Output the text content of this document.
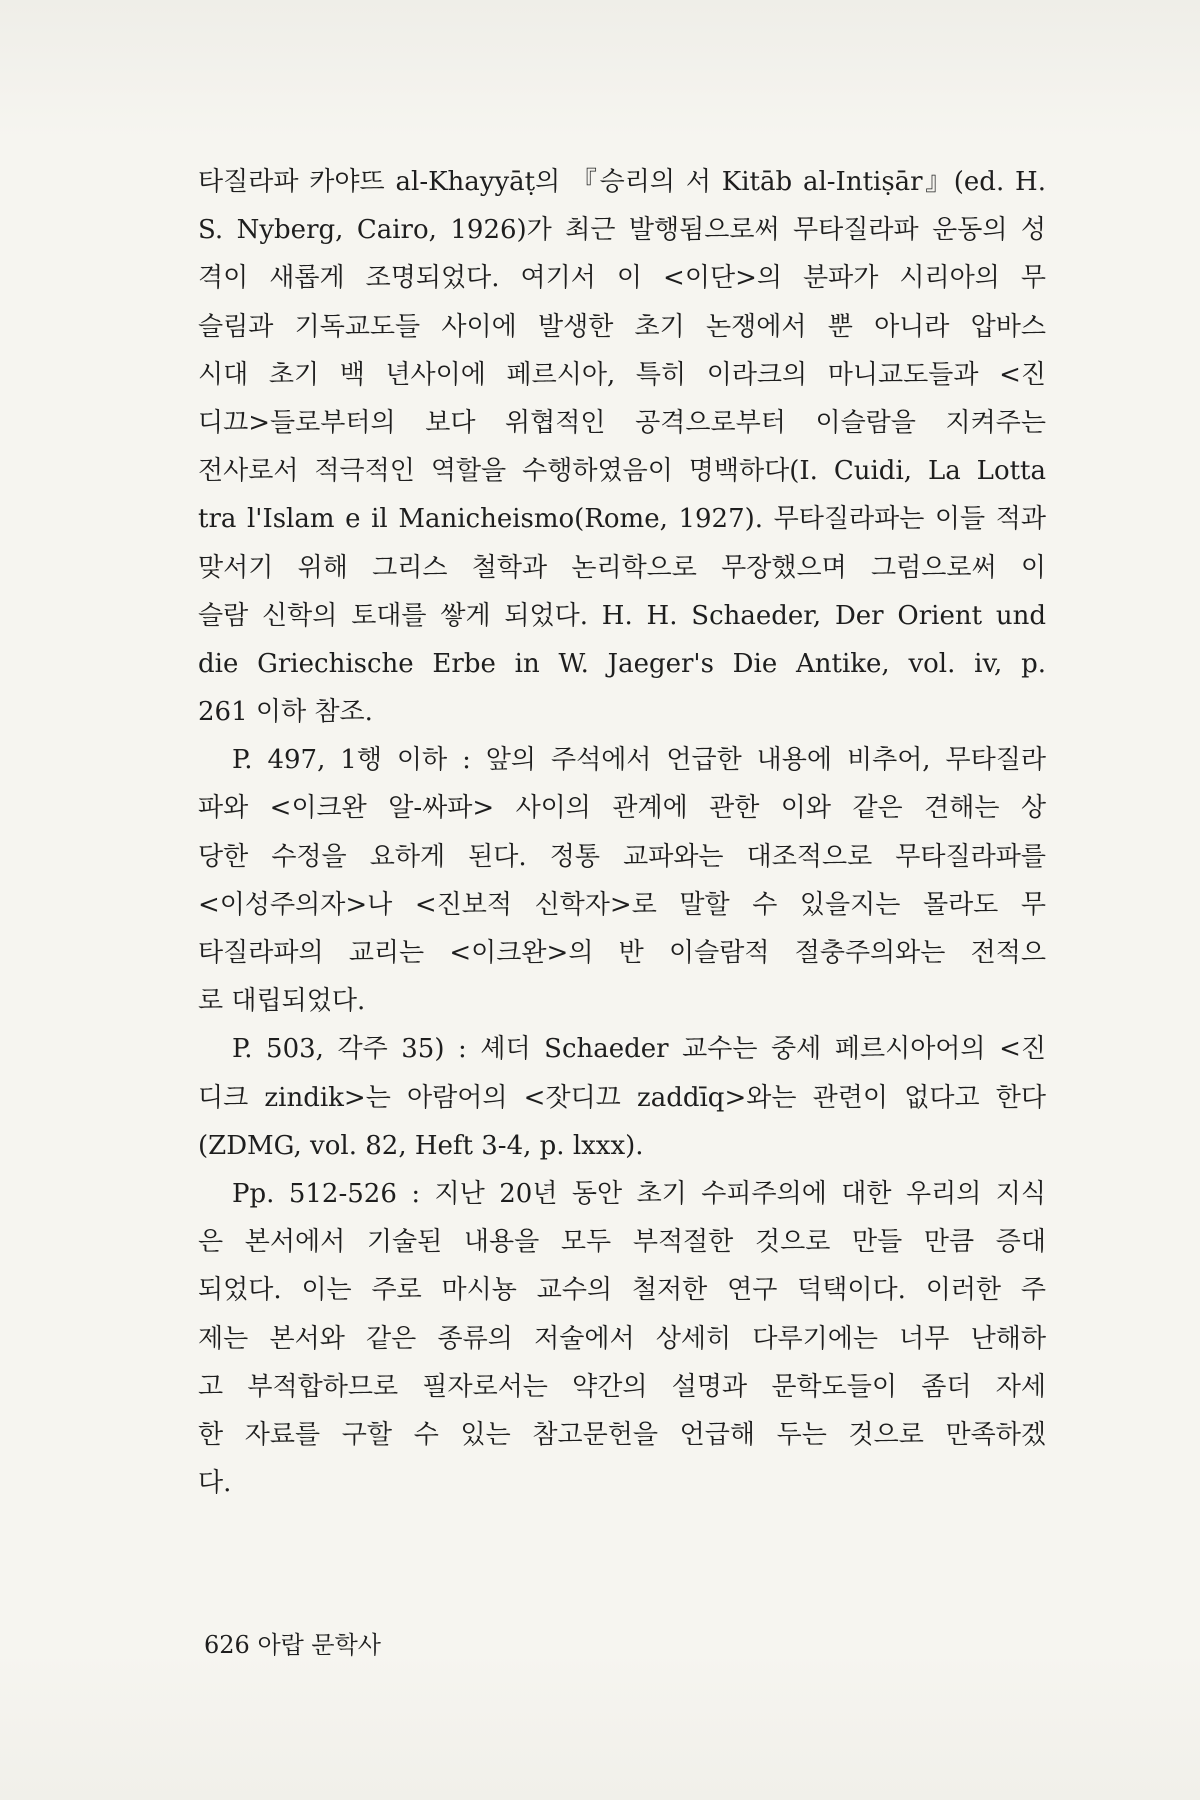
타질라파 카야뜨 al-Khayyāṭ의 『승리의 서 Kitāb al-Intiṣār』(ed. H.
S. Nyberg, Cairo, 1926)가 최근 발행됨으로써 무타질라파 운동의 성
격이 새롭게 조명되었다. 여기서 이 <이단>의 분파가 시리아의 무
슬림과 기독교도들 사이에 발생한 초기 논쟁에서 뿐 아니라 압바스
시대 초기 백 년사이에 페르시아, 특히 이라크의 마니교도들과 <진
디끄>들로부터의 보다 위협적인 공격으로부터 이슬람을 지켜주는
전사로서 적극적인 역할을 수행하였음이 명백하다(I. Cuidi, La Lotta
tra l'Islam e il Manicheismo(Rome, 1927). 무타질라파는 이들 적과
맞서기 위해 그리스 철학과 논리학으로 무장했으며 그럼으로써 이
슬람 신학의 토대를 쌓게 되었다. H. H. Schaeder, Der Orient und
die Griechische Erbe in W. Jaeger's Die Antike, vol. iv, p.
261 이하 참조.
P. 497, 1행 이하 : 앞의 주석에서 언급한 내용에 비추어, 무타질라
파와 <이크완 알-싸파> 사이의 관계에 관한 이와 같은 견해는 상
당한 수정을 요하게 된다. 정통 교파와는 대조적으로 무타질라파를
<이성주의자>나 <진보적 신학자>로 말할 수 있을지는 몰라도 무
타질라파의 교리는 <이크완>의 반 이슬람적 절충주의와는 전적으
로 대립되었다.
P. 503, 각주 35) : 셰더 Schaeder 교수는 중세 페르시아어의 <진
디크 zindik>는 아람어의 <잣디끄 zaddīq>와는 관련이 없다고 한다
(ZDMG, vol. 82, Heft 3-4, p. lxxx).
Pp. 512-526 : 지난 20년 동안 초기 수피주의에 대한 우리의 지식
은 본서에서 기술된 내용을 모두 부적절한 것으로 만들 만큼 증대
되었다. 이는 주로 마시뇽 교수의 철저한 연구 덕택이다. 이러한 주
제는 본서와 같은 종류의 저술에서 상세히 다루기에는 너무 난해하
고 부적합하므로 필자로서는 약간의 설명과 문학도들이 좀더 자세
한 자료를 구할 수 있는 참고문헌을 언급해 두는 것으로 만족하겠
다.
626 아랍 문학사
